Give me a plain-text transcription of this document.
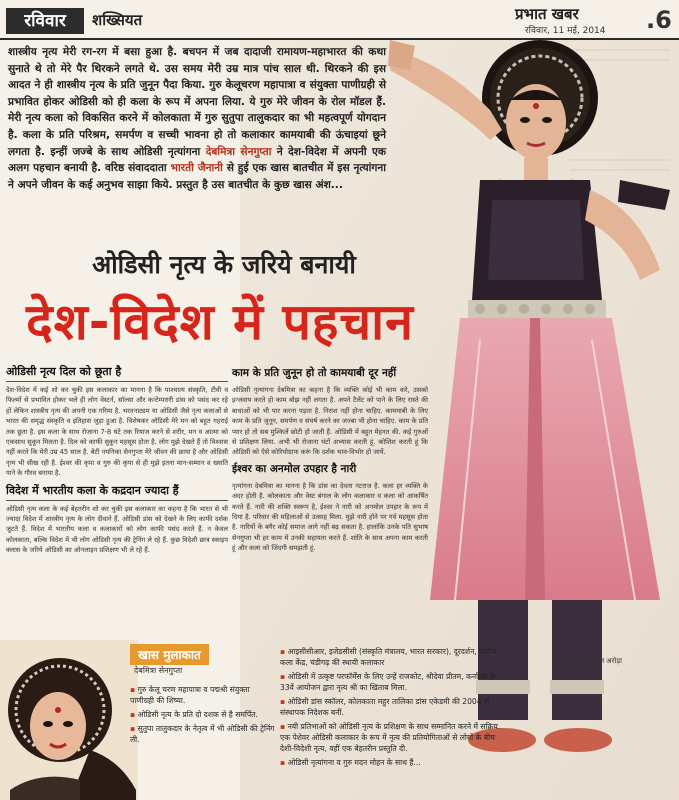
रविवार	शख्सियत	प्रभात खबर
रविवार, 11 मई, 2014 .6
शास्त्रीय नृत्य मेरी रग-रग में बसा हुआ है. बचपन में जब दादाजी रामायण-महाभारत की कथा सुनाते थे तो मेरे पैर थिरकने लगते थे. उस समय मेरी उम्र मात्र पांच साल थी. थिरकने की इस आदत ने ही शास्त्रीय नृत्य के प्रति जुनून पैदा किया. गुरु केलूचरण महापात्रा व संयुक्ता पाणीग्रही से प्रभावित होकर ओडिसी को ही कला के रूप में अपना लिया. ये गुरु मेरे जीवन के रोल मॉडल हैं. मेरी नृत्य कला को विकसित करने में कोलकाता में गुरु सुतुपा तालुकदार का भी महत्वपूर्ण योगदान है. कला के प्रति परिश्रम, समर्पण व सच्ची भावना हो तो कलाकार कामयाबी की ऊंचाइयां छूने लगता है. इन्हीं जज्बे के साथ ओडिसी नृत्यांगना देबमित्रा सेनगुप्ता ने देश-विदेश में अपनी एक अलग पहचान बनायी है. वरिष्ठ संवाददाता भारती जैनानी से हुई एक खास बातचीत में इस नृत्यांगना ने अपने जीवन के कई अनुभव साझा किये. प्रस्तुत है उस बातचीत के कुछ खास अंश...
ओडिसी नृत्य के जरिये बनायी
देश-विदेश में पहचान
ओडिसी नृत्य दिल को छूता है
देश-विदेश में कई शो कर चुकी इस कलाकार का मानना है कि पाश्चात्य संस्कृति, टीवी व फिल्मों से प्रभावित होकर भले ही लोग वेस्टर्न, सॉल्सा और कन्टेम्परारी डांस को पसंद कर रहे हों लेकिन शास्त्रीय नृत्य की अपनी एक गरिमा है. भरतनाट्यम या ओडिसी जैसे नृत्य कलाओं से भारत की समृद्ध संस्कृति व इतिहास जुड़ा हुआ है. विशेषकर ओडिसी मेरे मन को बहुत गहराई तक छूता है. इस कला के साथ रोजाना 7-8 घंटे तक रियाज करने से शरीर, मन व आत्मा को एकसाथ सुकून मिलता है. दिल को काफी सुकून महसूस होता है. लोग मुझे देखते हैं तो विश्वास नहीं करते कि मेरी उम्र 45 साल है. बेटी नयनिका सेनगुप्ता मेरे जीवन की छाया है और ओडिसी नृत्य भी सीख रही है. ईश्वर की कृपा व गुरु की कृपा से ही मुझे इतना मान-सम्मान व ख्याति पाने के गौरव बनाया है.
विदेश में भारतीय कला के कद्रदान ज्यादा हैं
ओडिसी नृत्य कला के कई बेहतरीन शो कर चुकी इस कलाकार का कहना है कि भारत से भी ज्यादा विदेश में शास्त्रीय नृत्य के लोग दीवाने हैं. ओडिसी डांस को देखने के लिए काफी दर्शक जुटते हैं. विदेश में भारतीय कला व कलाकारों को लोग काफी पसंद करते हैं. न केवल कोलकाता, बल्कि विदेश में भी लोग ओडिसी नृत्य की ट्रेनिंग ले रहे हैं. कुछ विदेशी छात्र स्काइप क्लास के जरिये ओडिसी का ऑनलाइन प्रशिक्षण भी ले रहे हैं.
काम के प्रति जुनून हो तो कामयाबी दूर नहीं
ओडिसी नृत्यांगना देबमित्रा का कहना है कि व्यक्ति कोई भी काम करे, उसको इन्जवाय करते हो काम बोझ नहीं लगता है. अपने टैलेंट को पाने के लिए रास्ते की बाधाओं को भी पार करना पड़ता है. निराश नहीं होना चाहिए. कामयाबी के लिए काम के प्रति जुनून, समर्पण व संघर्ष करने का जज्बा भी होना चाहिए. काम के प्रति प्यार हो तो सब मुश्किलें छोटी हो जाती हैं. ओडिसी में बहुत मेहनत की. कई गुरुओं से प्रशिक्षण लिया. अभी भी रोजाना घंटों अभ्यास करती हूं. कोशिश करती हूं कि ओडिसी को ऐसे कोरियोग्राफ करूं कि दर्शक भाव-विभोर हो जायें.
ईश्वर का अनमोल उपहार है नारी
नृत्यांगना देबमित्रा का मानना है कि डांस का देवता नटराज है. कला हर व्यक्ति के अंदर होती है. कोलकाता और वेस्ट बंगाल के लोग कलाकार व कला को आकर्षित करते हैं. नारी की शक्ति स्वरूप है, ईश्वर ने नारी को अनमोल उपहार के रूप में दिया है. परिवार की महिलाओं से उत्साह मिला. मुझे नारी होने पर गर्व महसूस होता है. नारियों के बगैर कोई समाज आगे नहीं बढ़ सकता है. हालांकि उनके पति सुभाष सेनगुप्ता भी हर काम में उनकी सहायता करते हैं. शांति के साथ अपना काम करती हूं और कला को जिंदगी समझती हूं.
छायाचित्र : प्रशांत अरोड़ा
खास मुलाकात
देबमित्रा सेनगुप्ता
▪ गुरु केलू चरण महापात्रा व पद्मश्री संयुक्ता पाणीग्रही की शिष्या.
▪ ओडिसी नृत्य के प्रति दो दशक से है समर्पित.
▪ सुतुपा तालुकदार के नेतृत्व में भी ओडिसी की ट्रेनिंग ली.
▪ आइसीसीआर, इजेडसीसी (संस्कृति मंत्रालय, भारत सरकार), दूरदर्शन, प्राचीन कला केंद्र, चंडीगढ़ की स्थायी कलाकार
▪ ओडिसी में उत्कृष्ट परफॉर्मेंस के लिए उन्हें राजकोट, श्रीदेवा प्रीतम, कर्नाटक के 33वें आयोजन द्वारा नृत्य श्री का खिताब मिला.
▪ ओडिसी डांस स्कॉलर, कोलकाता महुर तालिका डांस एकेडमी की 2004 से संस्थापक निदेशक बनीं.
▪ नयी प्रतिभाओं को ओडिसी नृत्य के प्रशिक्षण के साथ सम्मानित करने में सक्रिय. एक पेशेवर ओडिसी कलाकार के रूप में नृत्य की प्रतियोगिताओं से लोगों के बीच देशी-विदेशी नृत्य, वहीं एक बेहतरीन प्रस्तुति दी.
▪ ओडिसी नृत्यांगना व गुरु मदन मोहन के साथ हैं...
